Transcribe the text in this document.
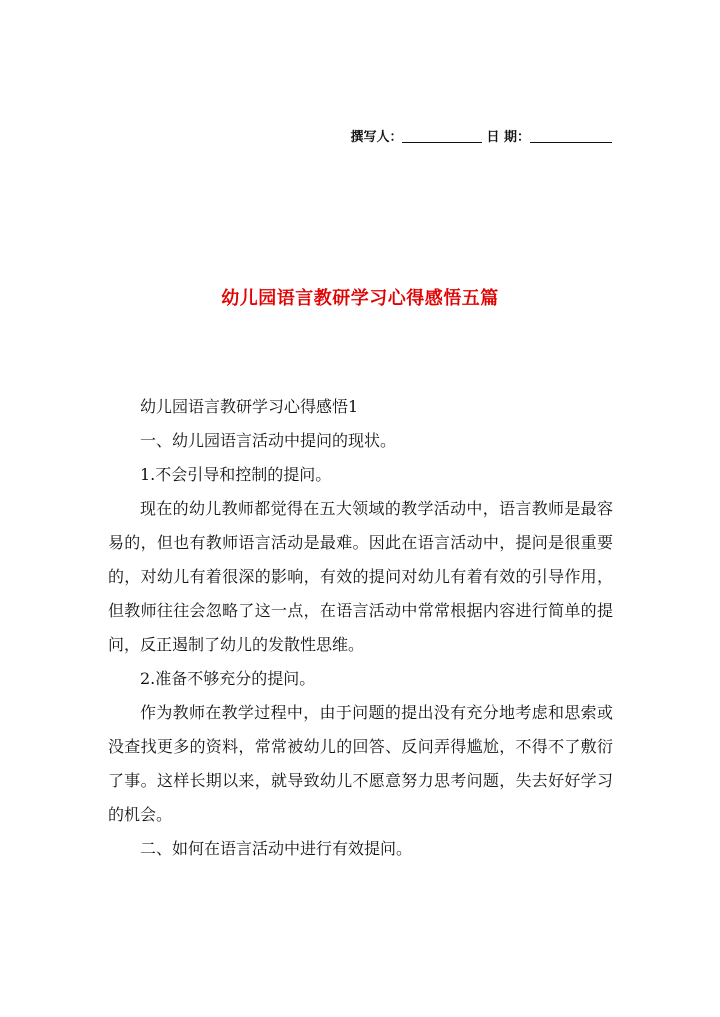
撰写人：	日 期：
幼儿园语言教研学习心得感悟五篇

幼儿园语言教研学习心得感悟1

一、幼儿园语言活动中提问的现状。

1.不会引导和控制的提问。

现在的幼儿教师都觉得在五大领域的教学活动中，语言教师是最容易的，但也有教师语言活动是最难。因此在语言活动中，提问是很重要的，对幼儿有着很深的影响，有效的提问对幼儿有着有效的引导作用，但教师往往会忽略了这一点，在语言活动中常常根据内容进行简单的提问，反正遏制了幼儿的发散性思维。

2.准备不够充分的提问。

作为教师在教学过程中，由于问题的提出没有充分地考虑和思索或没查找更多的资料，常常被幼儿的回答、反问弄得尴尬，不得不了敷衍了事。这样长期以来，就导致幼儿不愿意努力思考问题，失去好好学习的机会。

二、如何在语言活动中进行有效提问。
